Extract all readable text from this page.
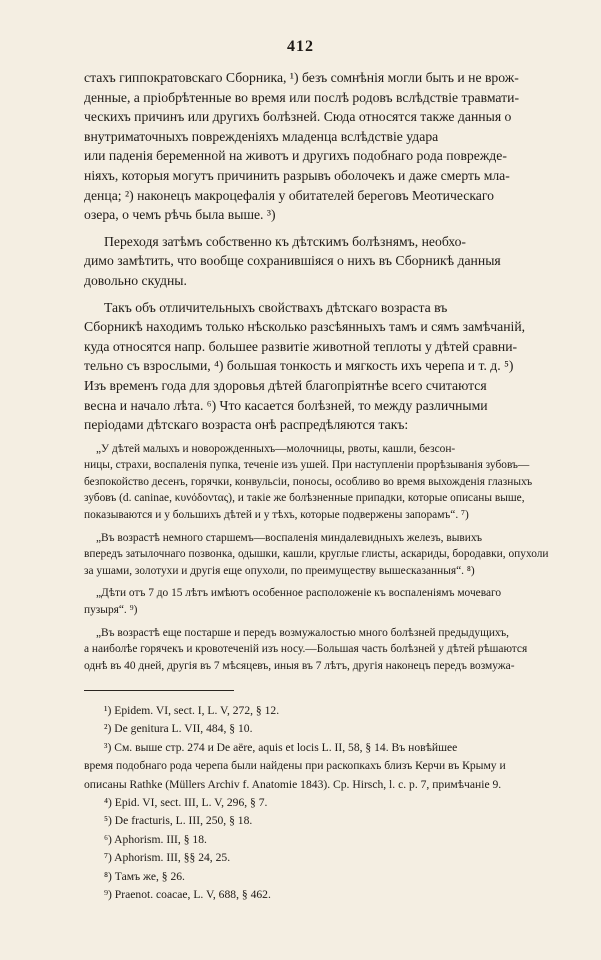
412
стахъ гиппократовскаго Сборника, ¹) безъ сомнѣнія могли быть и не врож-
денные, а пріобрѣтенные во время или послѣ родовъ вслѣдствіе травмати-
ческихъ причинъ или другихъ болѣзней. Сюда относятся также данныя о
внутриматочныхъ поврежденіяхъ младенца вслѣдствіе удара
или паденія беременной на животъ и другихъ подобнаго рода поврежде-
ніяхъ, которыя могутъ причинить разрывъ оболочекъ и даже смерть мла-
денца; ²) наконецъ макроцефалія у обитателей береговъ Меотическаго
озера, о чемъ рѣчь была выше. ³)
Переходя затѣмъ собственно къ дѣтскимъ болѣзнямъ, необхо-
димо замѣтить, что вообще сохранившіяся о нихъ въ Сборникѣ данныя
довольно скудны.
Такъ объ отличительныхъ свойствахъ дѣтскаго возраста въ
Сборникѣ находимъ только нѣсколько разсѣянныхъ тамъ и сямъ замѣчаній,
куда относятся напр. большее развитіе животной теплоты у дѣтей сравни-
тельно съ взрослыми, ⁴) большая тонкость и мягкость ихъ черепа и т. д. ⁵)
Изъ временъ года для здоровья дѣтей благопріятнѣе всего считаются
весна и начало лѣта. ⁶) Что касается болѣзней, то между различными
періодами дѣтскаго возраста онѣ распредѣляются такъ:
„У дѣтей малыхъ и новорожденныхъ—молочницы, рвоты, кашли, безсон-
ницы, страхи, воспаленія пупка, теченіе изъ ушей. При наступленіи прорѣзыванія зубовъ—
безпокойство десенъ, горячки, конвульсіи, поносы, особливо во время выхожденія глазныхъ
зубовъ (d. caninae, κυνόδοντας), и такіе же болѣзненные припадки, которые описаны выше,
показываются и у большихъ дѣтей и у тѣхъ, которые подвержены запорамъ“. ⁷)
„Въ возрастѣ немного старшемъ—воспаленія миндалевидныхъ железъ, вывихъ
впередъ затылочнаго позвонка, одышки, кашли, круглые глисты, аскариды, бородавки, опухоли
за ушами, золотухи и другія еще опухоли, по преимуществу вышесказанныя“. ⁸)
„Дѣти отъ 7 до 15 лѣтъ имѣютъ особенное расположеніе къ воспаленіямъ мочеваго
пузыря“. ⁹)
„Въ возрастѣ еще постарше и передъ возмужалостью много болѣзней предыдущихъ,
а наиболѣе горячекъ и кровотеченій изъ носу.—Большая часть болѣзней у дѣтей рѣшаются
однѣ въ 40 дней, другія въ 7 мѣсяцевъ, иныя въ 7 лѣтъ, другія наконецъ передъ возмужа-
¹) Epidem. VI, sect. I, L. V, 272, § 12.
²) De genitura L. VII, 484, § 10.
³) См. выше стр. 274 и De aëre, aquis et locis L. II, 58, § 14. Въ новѣйшее
время подобнаго рода черепа были найдены при раскопкахъ близъ Керчи въ Крыму и
описаны Rathke (Müllers Archiv f. Anatomie 1843). Ср. Hirsch, l. c. p. 7, примѣчаніе 9.
⁴) Epid. VI, sect. III, L. V, 296, § 7.
⁵) De fracturis, L. III, 250, § 18.
⁶) Aphorism. III, § 18.
⁷) Aphorism. III, §§ 24, 25.
⁸) Тамъ же, § 26.
⁹) Praenot. coacae, L. V, 688, § 462.
